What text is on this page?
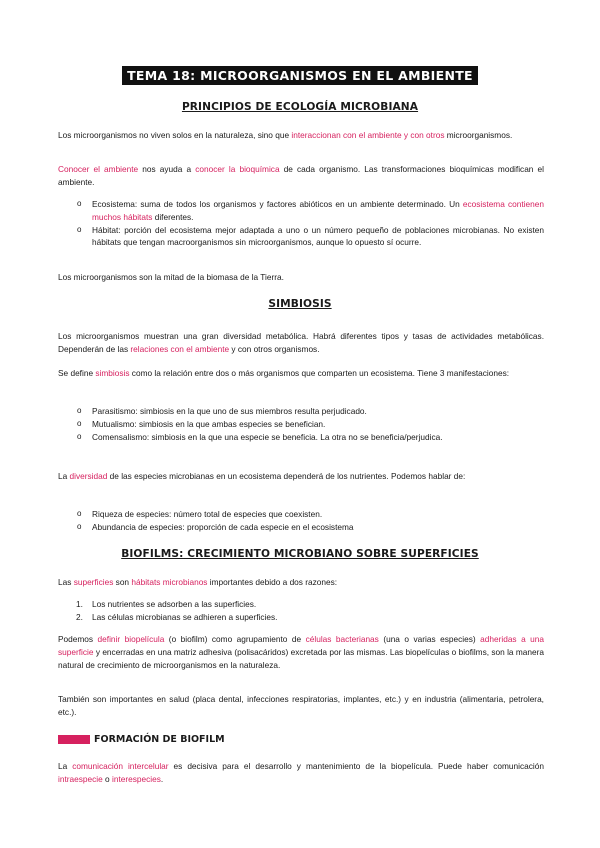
TEMA 18: MICROORGANISMOS EN EL AMBIENTE
PRINCIPIOS DE ECOLOGÍA MICROBIANA
Los microorganismos no viven solos en la naturaleza, sino que interaccionan con el ambiente y con otros microorganismos.
Conocer el ambiente nos ayuda a conocer la bioquímica de cada organismo. Las transformaciones bioquímicas modifican el ambiente.
o Ecosistema: suma de todos los organismos y factores abióticos en un ambiente determinado. Un ecosistema contienen muchos hábitats diferentes.
o Hábitat: porción del ecosistema mejor adaptada a uno o un número pequeño de poblaciones microbianas. No existen hábitats que tengan macroorganismos sin microorganismos, aunque lo opuesto sí ocurre.
Los microorganismos son la mitad de la biomasa de la Tierra.
SIMBIOSIS
Los microorganismos muestran una gran diversidad metabólica. Habrá diferentes tipos y tasas de actividades metabólicas. Dependerán de las relaciones con el ambiente y con otros organismos.
Se define simbiosis como la relación entre dos o más organismos que comparten un ecosistema. Tiene 3 manifestaciones:
o Parasitismo: simbiosis en la que uno de sus miembros resulta perjudicado.
o Mutualismo: simbiosis en la que ambas especies se benefician.
o Comensalismo: simbiosis en la que una especie se beneficia. La otra no se beneficia/perjudica.
La diversidad de las especies microbianas en un ecosistema dependerá de los nutrientes. Podemos hablar de:
o Riqueza de especies: número total de especies que coexisten.
o Abundancia de especies: proporción de cada especie en el ecosistema
BIOFILMS: CRECIMIENTO MICROBIANO SOBRE SUPERFICIES
Las superficies son hábitats microbianos importantes debido a dos razones:
1. Los nutrientes se adsorben a las superficies.
2. Las células microbianas se adhieren a superficies.
Podemos definir biopelícula (o biofilm) como agrupamiento de células bacterianas (una o varias especies) adheridas a una superficie y encerradas en una matriz adhesiva (polisacáridos) excretada por las mismas. Las biopelículas o biofilms, son la manera natural de crecimiento de microorganismos en la naturaleza.
También son importantes en salud (placa dental, infecciones respiratorias, implantes, etc.) y en industria (alimentaria, petrolera, etc.).
FORMACIÓN DE BIOFILM
La comunicación intercelular es decisiva para el desarrollo y mantenimiento de la biopelícula. Puede haber comunicación intraespecie o interespecies.
